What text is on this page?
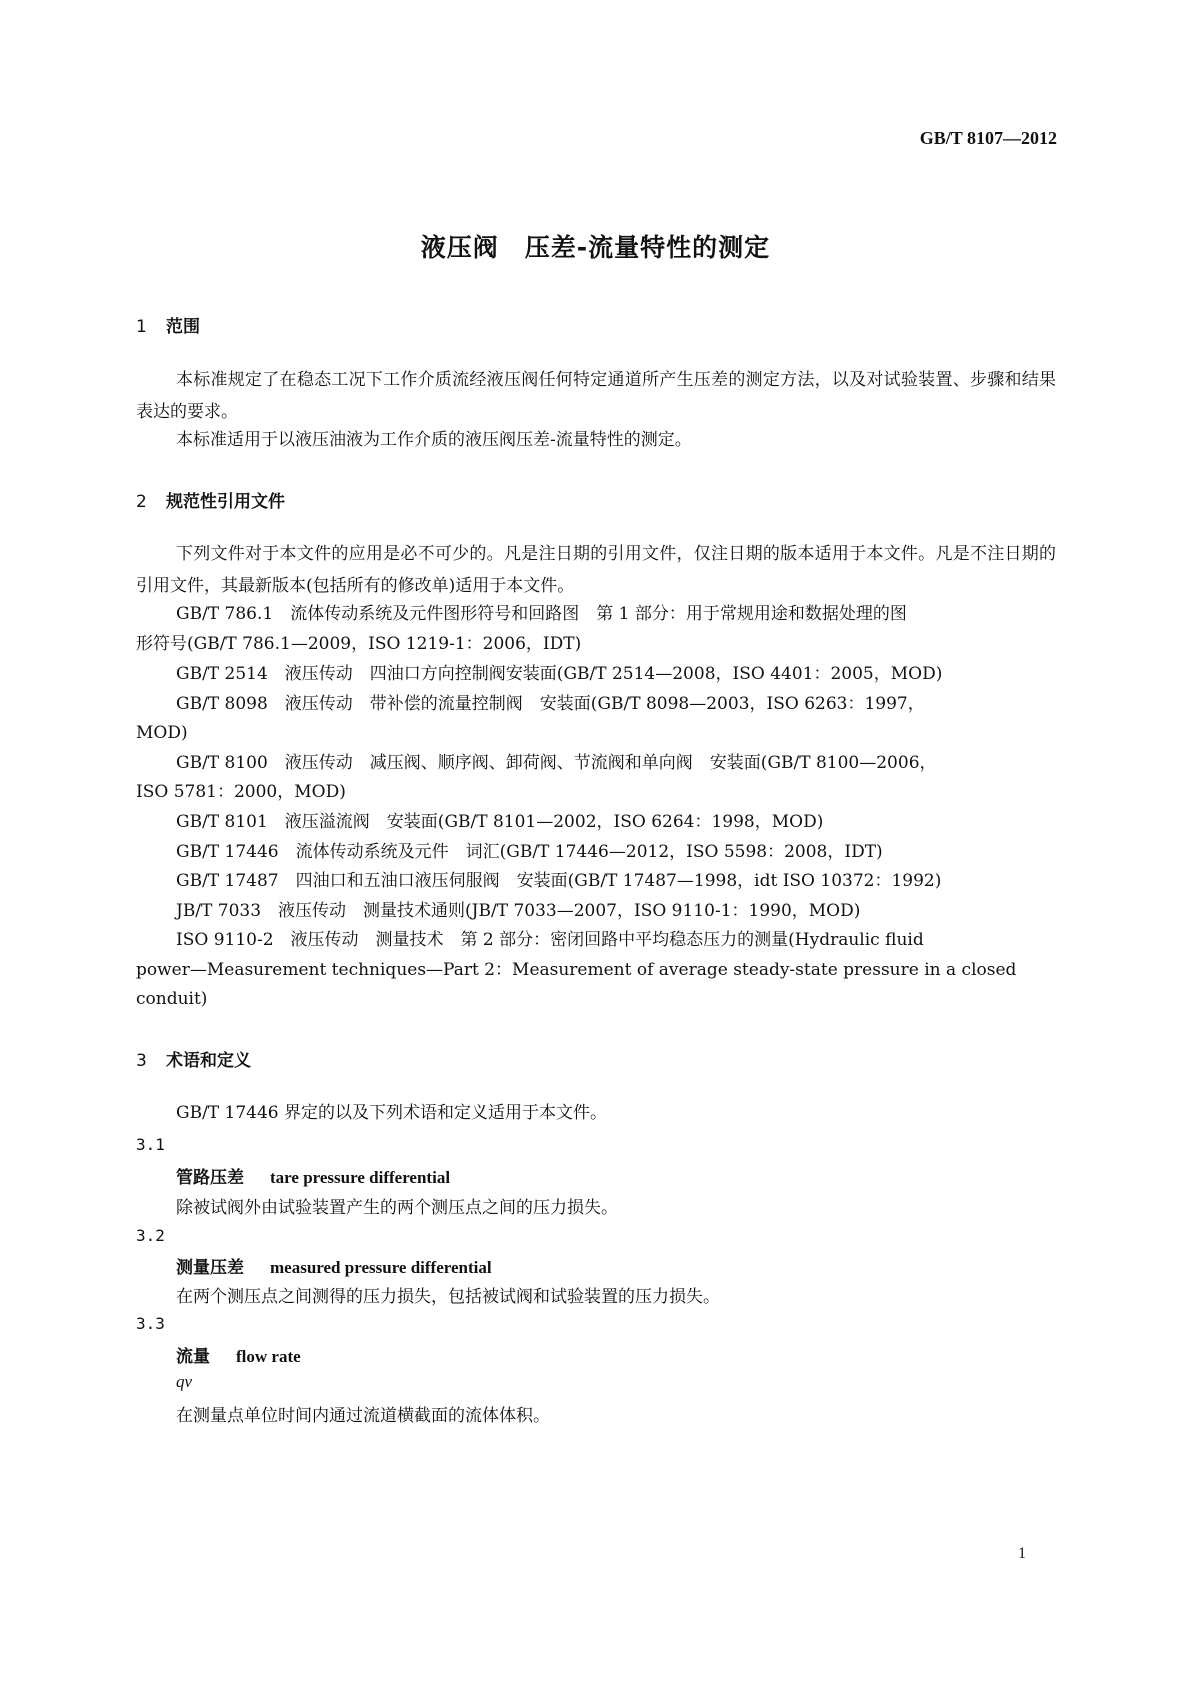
GB/T 8107—2012
液压阀　压差-流量特性的测定
1 范围
本标准规定了在稳态工况下工作介质流经液压阀任何特定通道所产生压差的测定方法，以及对试验装置、步骤和结果表达的要求。
本标准适用于以液压油液为工作介质的液压阀压差-流量特性的测定。
2 规范性引用文件
下列文件对于本文件的应用是必不可少的。凡是注日期的引用文件，仅注日期的版本适用于本文件。凡是不注日期的引用文件，其最新版本(包括所有的修改单)适用于本文件。
GB/T 786.1　流体传动系统及元件图形符号和回路图　第 1 部分：用于常规用途和数据处理的图
形符号(GB/T 786.1—2009，ISO 1219-1：2006，IDT)
GB/T 2514　液压传动　四油口方向控制阀安装面(GB/T 2514—2008，ISO 4401：2005，MOD)
GB/T 8098　液压传动　带补偿的流量控制阀　安装面(GB/T 8098—2003，ISO 6263：1997，
MOD)
GB/T 8100　液压传动　减压阀、顺序阀、卸荷阀、节流阀和单向阀　安装面(GB/T 8100—2006，
ISO 5781：2000，MOD)
GB/T 8101　液压溢流阀　安装面(GB/T 8101—2002，ISO 6264：1998，MOD)
GB/T 17446　流体传动系统及元件　词汇(GB/T 17446—2012，ISO 5598：2008，IDT)
GB/T 17487　四油口和五油口液压伺服阀　安装面(GB/T 17487—1998，idt ISO 10372：1992)
JB/T 7033　液压传动　测量技术通则(JB/T 7033—2007，ISO 9110-1：1990，MOD)
ISO 9110-2　液压传动　测量技术　第 2 部分：密闭回路中平均稳态压力的测量(Hydraulic fluid
power—Measurement techniques—Part 2：Measurement of average steady-state pressure in a closed
conduit)
3 术语和定义
GB/T 17446 界定的以及下列术语和定义适用于本文件。
3.1
管路压差 tare pressure differential
除被试阀外由试验装置产生的两个测压点之间的压力损失。
3.2
测量压差 measured pressure differential
在两个测压点之间测得的压力损失，包括被试阀和试验装置的压力损失。
3.3
流量 flow rate
qv
在测量点单位时间内通过流道横截面的流体体积。
1
